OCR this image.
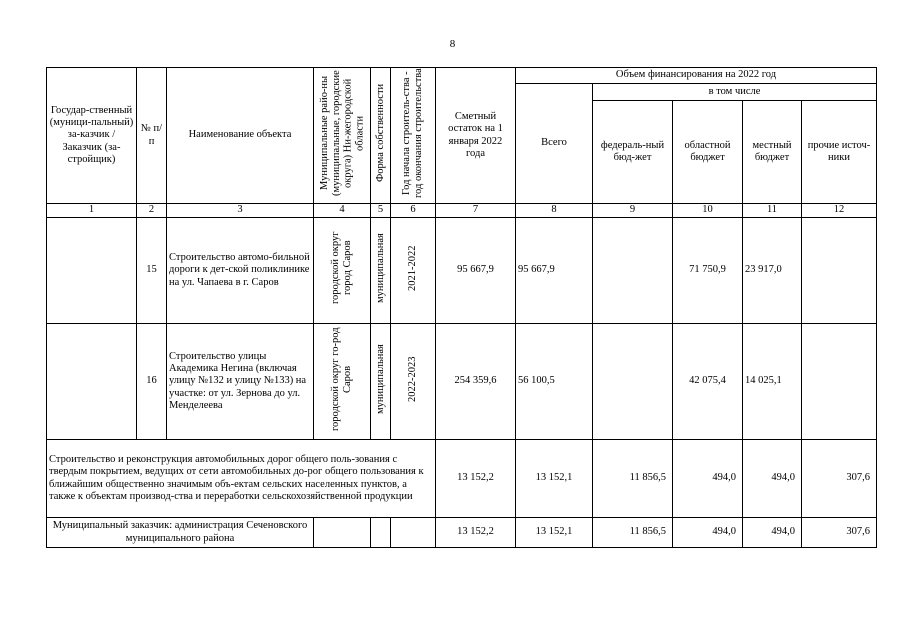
8
Государ-ственный (муници-пальный) за-казчик / Заказчик (за-стройщик)	№ п/п	Наименование объекта	Муниципальные райо-ны (муниципальные, городские округа) Ни-жегородской области	Форма собственности	Год начала строитель-ства - год окончания строительства	Сметный остаток на 1 января 2022 года	Объем финансирования на 2022 год				
							Всего	в том числе			
								федераль-ный бюд-жет	областной бюджет	местный бюджет	прочие источ-ники
1	2	3	4	5	6	7	8	9	10	11	12
	15	Строительство автомо-бильной дороги к дет-ской поликлинике на ул. Чапаева в г. Саров	городской округ город Саров	муниципальная	2021-2022	95 667,9	95 667,9		71 750,9	23 917,0	
	16	Строительство улицы Академика Негина (включая улицу №132 и улицу №133) на участке: от ул. Зернова до ул. Менделеева	городской округ го-род Саров	муниципальная	2022-2023	254 359,6	56 100,5		42 075,4	14 025,1	
Строительство и реконструкция автомобильных дорог общего поль-зования с твердым покрытием, ведущих от сети автомобильных до-рог общего пользования к ближайшим общественно значимым объ-ектам сельских населенных пунктов, а также к объектам производ-ства и переработки сельскохозяйственной продукции						13 152,2	13 152,1	11 856,5	494,0	494,0	307,6
Муниципальный заказчик: администрация Сеченовского муниципального района						13 152,2	13 152,1	11 856,5	494,0	494,0	307,6
